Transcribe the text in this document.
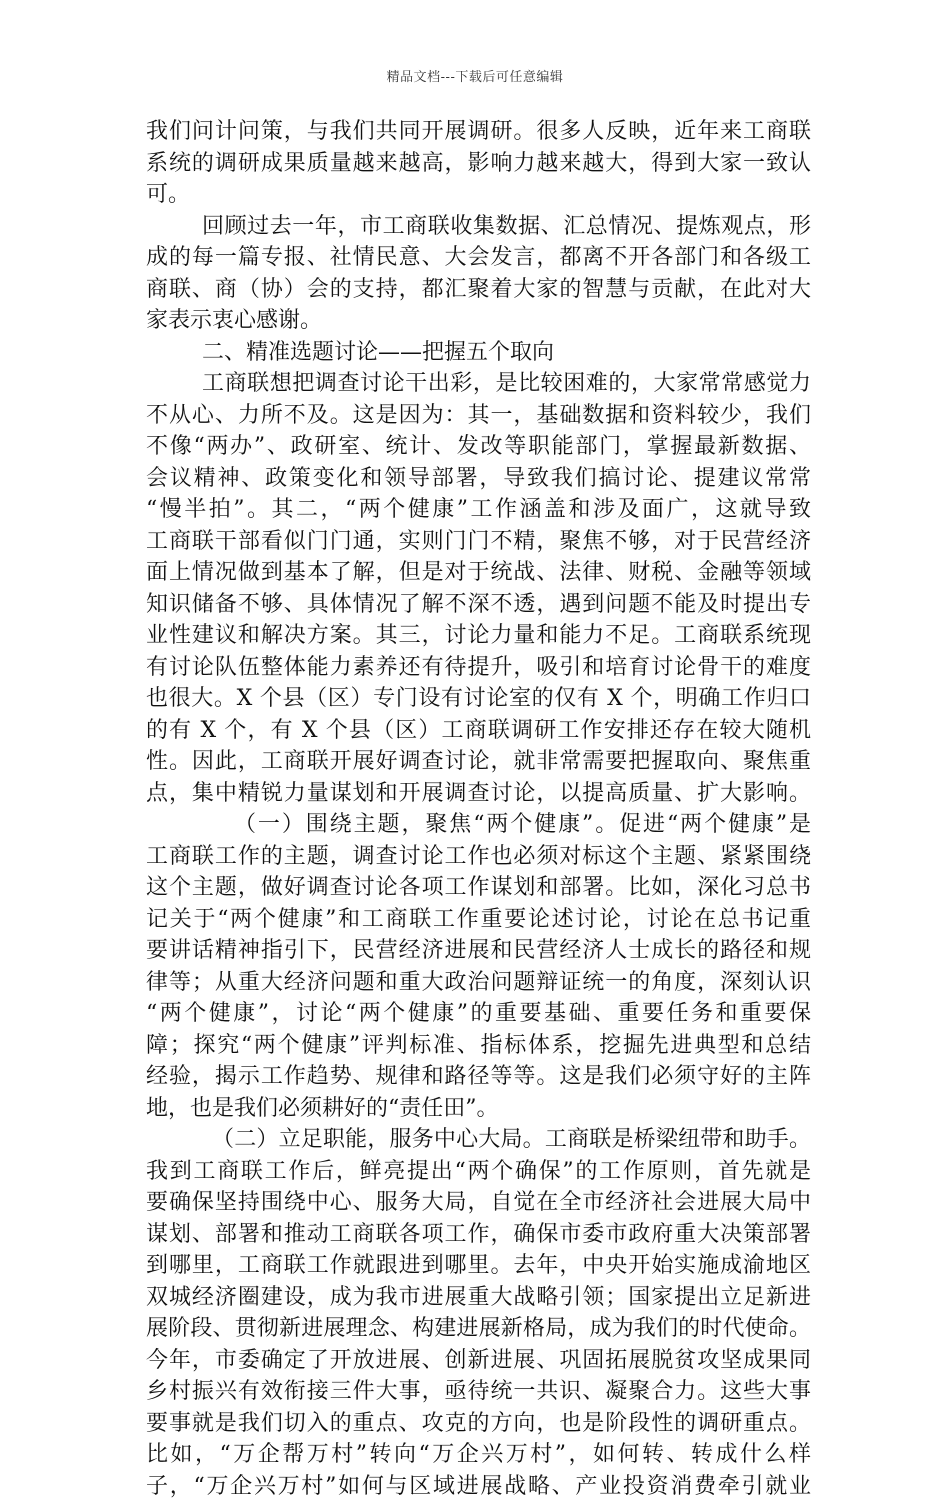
精品文档---下载后可任意编辑
我们问计问策，与我们共同开展调研。很多人反映，近年来工商联
系统的调研成果质量越来越高，影响力越来越大，得到大家一致认
可。
回顾过去一年，市工商联收集数据、汇总情况、提炼观点，形
成的每一篇专报、社情民意、大会发言，都离不开各部门和各级工
商联、商（协）会的支持，都汇聚着大家的智慧与贡献，在此对大
家表示衷心感谢。
二、精准选题讨论——把握五个取向
工商联想把调查讨论干出彩，是比较困难的，大家常常感觉力
不从心、力所不及。这是因为：其一，基础数据和资料较少，我们
不像“两办”、政研室、统计、发改等职能部门，掌握最新数据、
会议精神、政策变化和领导部署，导致我们搞讨论、提建议常常
“慢半拍”。其二，“两个健康”工作涵盖和涉及面广，这就导致
工商联干部看似门门通，实则门门不精，聚焦不够，对于民营经济
面上情况做到基本了解，但是对于统战、法律、财税、金融等领域
知识储备不够、具体情况了解不深不透，遇到问题不能及时提出专
业性建议和解决方案。其三，讨论力量和能力不足。工商联系统现
有讨论队伍整体能力素养还有待提升，吸引和培育讨论骨干的难度
也很大。X 个县（区）专门设有讨论室的仅有 X 个，明确工作归口
的有 X 个，有 X 个县（区）工商联调研工作安排还存在较大随机
性。因此，工商联开展好调查讨论，就非常需要把握取向、聚焦重
点，集中精锐力量谋划和开展调查讨论，以提高质量、扩大影响。
（一）围绕主题，聚焦“两个健康”。促进“两个健康”是
工商联工作的主题，调查讨论工作也必须对标这个主题、紧紧围绕
这个主题，做好调查讨论各项工作谋划和部署。比如，深化习总书
记关于“两个健康”和工商联工作重要论述讨论，讨论在总书记重
要讲话精神指引下，民营经济进展和民营经济人士成长的路径和规
律等；从重大经济问题和重大政治问题辩证统一的角度，深刻认识
“两个健康”，讨论“两个健康”的重要基础、重要任务和重要保
障；探究“两个健康”评判标准、指标体系，挖掘先进典型和总结
经验，揭示工作趋势、规律和路径等等。这是我们必须守好的主阵
地，也是我们必须耕好的“责任田”。
（二）立足职能，服务中心大局。工商联是桥梁纽带和助手。
我到工商联工作后，鲜亮提出“两个确保”的工作原则，首先就是
要确保坚持围绕中心、服务大局，自觉在全市经济社会进展大局中
谋划、部署和推动工商联各项工作，确保市委市政府重大决策部署
到哪里，工商联工作就跟进到哪里。去年，中央开始实施成渝地区
双城经济圈建设，成为我市进展重大战略引领；国家提出立足新进
展阶段、贯彻新进展理念、构建进展新格局，成为我们的时代使命。
今年，市委确定了开放进展、创新进展、巩固拓展脱贫攻坚成果同
乡村振兴有效衔接三件大事，亟待统一共识、凝聚合力。这些大事
要事就是我们切入的重点、攻克的方向，也是阶段性的调研重点。
比如，“万企帮万村”转向“万企兴万村”，如何转、转成什么样
子，“万企兴万村”如何与区域进展战略、产业投资消费牵引就业
